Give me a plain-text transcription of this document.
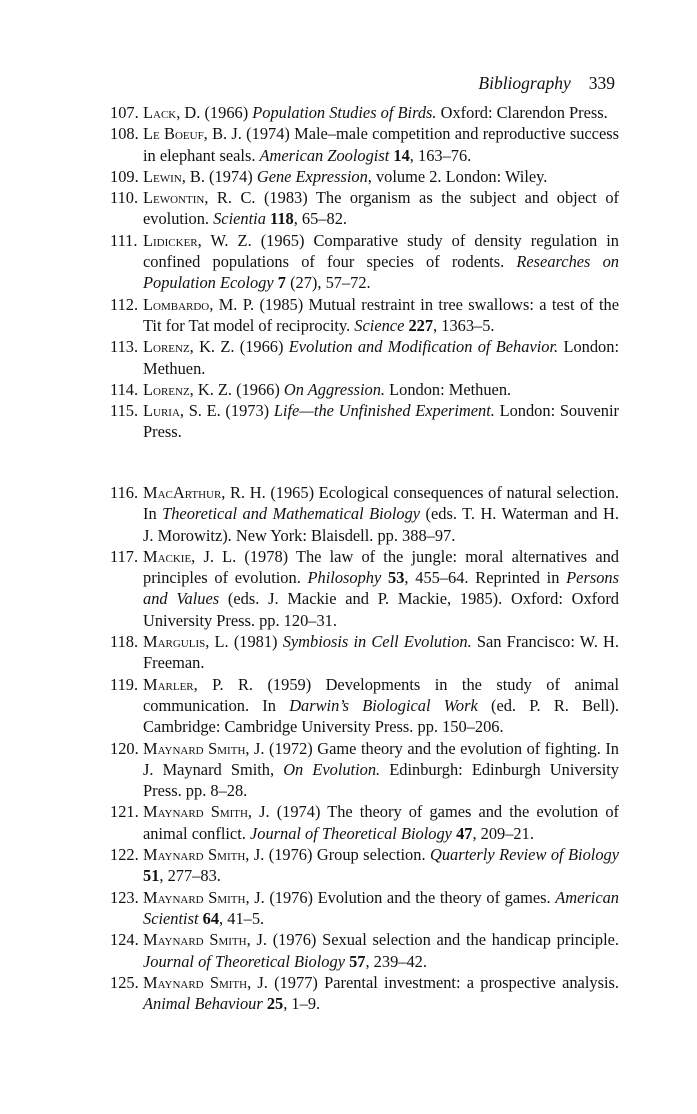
Bibliography 339
107. Lack, D. (1966) Population Studies of Birds. Oxford: Clarendon Press.
108. Le Boeuf, B. J. (1974) Male–male competition and reproductive success in elephant seals. American Zoologist 14, 163–76.
109. Lewin, B. (1974) Gene Expression, volume 2. London: Wiley.
110. Lewontin, R. C. (1983) The organism as the subject and object of evolution. Scientia 118, 65–82.
111. Lidicker, W. Z. (1965) Comparative study of density regulation in confined populations of four species of rodents. Researches on Population Ecology 7 (27), 57–72.
112. Lombardo, M. P. (1985) Mutual restraint in tree swallows: a test of the Tit for Tat model of reciprocity. Science 227, 1363–5.
113. Lorenz, K. Z. (1966) Evolution and Modification of Behavior. London: Methuen.
114. Lorenz, K. Z. (1966) On Aggression. London: Methuen.
115. Luria, S. E. (1973) Life—the Unfinished Experiment. London: Souvenir Press.
116. MacArthur, R. H. (1965) Ecological consequences of natural selection. In Theoretical and Mathematical Biology (eds. T. H. Waterman and H. J. Morowitz). New York: Blaisdell. pp. 388–97.
117. Mackie, J. L. (1978) The law of the jungle: moral alternatives and principles of evolution. Philosophy 53, 455–64. Reprinted in Persons and Values (eds. J. Mackie and P. Mackie, 1985). Oxford: Oxford University Press. pp. 120–31.
118. Margulis, L. (1981) Symbiosis in Cell Evolution. San Francisco: W. H. Freeman.
119. Marler, P. R. (1959) Developments in the study of animal communication. In Darwin’s Biological Work (ed. P. R. Bell). Cambridge: Cambridge University Press. pp. 150–206.
120. Maynard Smith, J. (1972) Game theory and the evolution of fighting. In J. Maynard Smith, On Evolution. Edinburgh: Edinburgh University Press. pp. 8–28.
121. Maynard Smith, J. (1974) The theory of games and the evolution of animal conflict. Journal of Theoretical Biology 47, 209–21.
122. Maynard Smith, J. (1976) Group selection. Quarterly Review of Biology 51, 277–83.
123. Maynard Smith, J. (1976) Evolution and the theory of games. American Scientist 64, 41–5.
124. Maynard Smith, J. (1976) Sexual selection and the handicap principle. Journal of Theoretical Biology 57, 239–42.
125. Maynard Smith, J. (1977) Parental investment: a prospective analysis. Animal Behaviour 25, 1–9.
